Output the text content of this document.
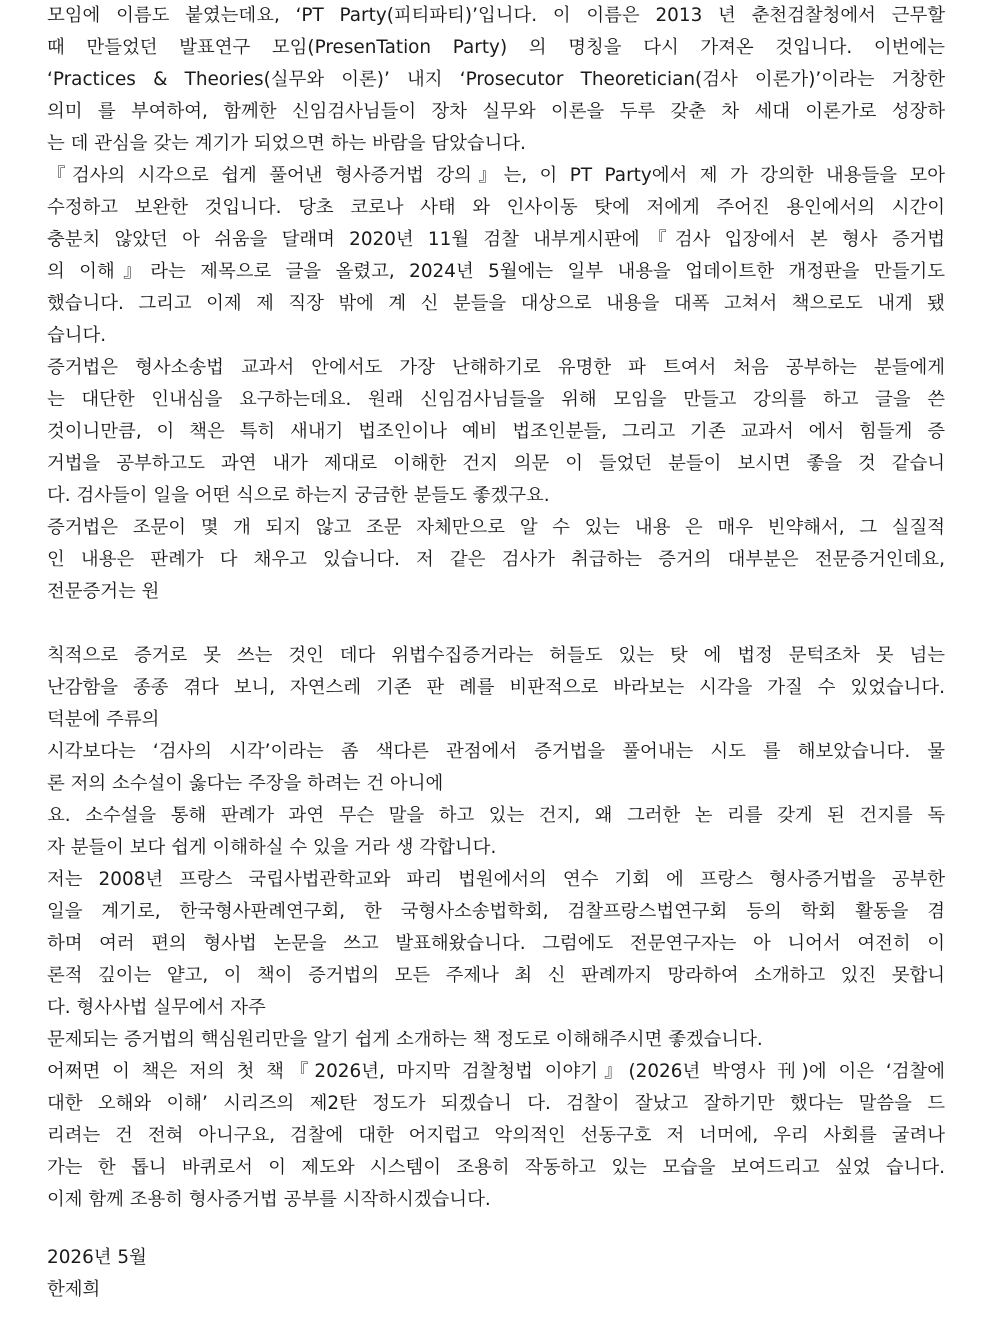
모임에 이름도 붙였는데요, ‘PT Party(피티파티)’입니다. 이 이름은 2013 년 춘천검찰청에서 근무할
때 만들었던 발표연구 모임(PresenTation Party) 의 명칭을 다시 가져온 것입니다. 이번에는
‘Practices & Theories(실무와 이론)’ 내지 ‘Prosecutor Theoretician(검사 이론가)’이라는 거창한
의미 를 부여하여, 함께한 신임검사님들이 장차 실무와 이론을 두루 갖춘 차 세대 이론가로 성장하
는 데 관심을 갖는 계기가 되었으면 하는 바람을 담았습니다.
『검사의 시각으로 쉽게 풀어낸 형사증거법 강의』는, 이 PT Party에서 제 가 강의한 내용들을 모아
수정하고 보완한 것입니다. 당초 코로나 사태 와 인사이동 탓에 저에게 주어진 용인에서의 시간이
충분치 않았던 아 쉬움을 달래며 2020년 11월 검찰 내부게시판에『검사 입장에서 본 형사 증거법
의 이해』라는 제목으로 글을 올렸고, 2024년 5월에는 일부 내용을 업데이트한 개정판을 만들기도
했습니다. 그리고 이제 제 직장 밖에 계 신 분들을 대상으로 내용을 대폭 고쳐서 책으로도 내게 됐
습니다.
증거법은 형사소송법 교과서 안에서도 가장 난해하기로 유명한 파 트여서 처음 공부하는 분들에게
는 대단한 인내심을 요구하는데요. 원래 신임검사님들을 위해 모임을 만들고 강의를 하고 글을 쓴
것이니만큼, 이 책은 특히 새내기 법조인이나 예비 법조인분들, 그리고 기존 교과서 에서 힘들게 증
거법을 공부하고도 과연 내가 제대로 이해한 건지 의문 이 들었던 분들이 보시면 좋을 것 같습니
다. 검사들이 일을 어떤 식으로 하는지 궁금한 분들도 좋겠구요.
증거법은 조문이 몇 개 되지 않고 조문 자체만으로 알 수 있는 내용 은 매우 빈약해서, 그 실질적
인 내용은 판례가 다 채우고 있습니다. 저 같은 검사가 취급하는 증거의 대부분은 전문증거인데요,
전문증거는 원
칙적으로 증거로 못 쓰는 것인 데다 위법수집증거라는 허들도 있는 탓 에 법정 문턱조차 못 넘는
난감함을 종종 겪다 보니, 자연스레 기존 판 례를 비판적으로 바라보는 시각을 가질 수 있었습니다.
덕분에 주류의
시각보다는 ‘검사의 시각’이라는 좀 색다른 관점에서 증거법을 풀어내는 시도 를 해보았습니다. 물
론 저의 소수설이 옳다는 주장을 하려는 건 아니에
요. 소수설을 통해 판례가 과연 무슨 말을 하고 있는 건지, 왜 그러한 논 리를 갖게 된 건지를 독
자 분들이 보다 쉽게 이해하실 수 있을 거라 생 각합니다.
저는 2008년 프랑스 국립사법관학교와 파리 법원에서의 연수 기회 에 프랑스 형사증거법을 공부한
일을 계기로, 한국형사판례연구회, 한 국형사소송법학회, 검찰프랑스법연구회 등의 학회 활동을 겸
하며 여러 편의 형사법 논문을 쓰고 발표해왔습니다. 그럼에도 전문연구자는 아 니어서 여전히 이
론적 깊이는 얕고, 이 책이 증거법의 모든 주제나 최 신 판례까지 망라하여 소개하고 있진 못합니
다. 형사사법 실무에서 자주
문제되는 증거법의 핵심원리만을 알기 쉽게 소개하는 책 정도로 이해해주시면 좋겠습니다.
어쩌면 이 책은 저의 첫 책『2026년, 마지막 검찰청법 이야기』(2026년 박영사 刊)에 이은 ‘검찰에
대한 오해와 이해’ 시리즈의 제2탄 정도가 되겠습니 다. 검찰이 잘났고 잘하기만 했다는 말씀을 드
리려는 건 전혀 아니구요, 검찰에 대한 어지럽고 악의적인 선동구호 저 너머에, 우리 사회를 굴려나
가는 한 톱니 바퀴로서 이 제도와 시스템이 조용히 작동하고 있는 모습을 보여드리고 싶었 습니다.
이제 함께 조용히 형사증거법 공부를 시작하시겠습니다.
2026년 5월
한제희
